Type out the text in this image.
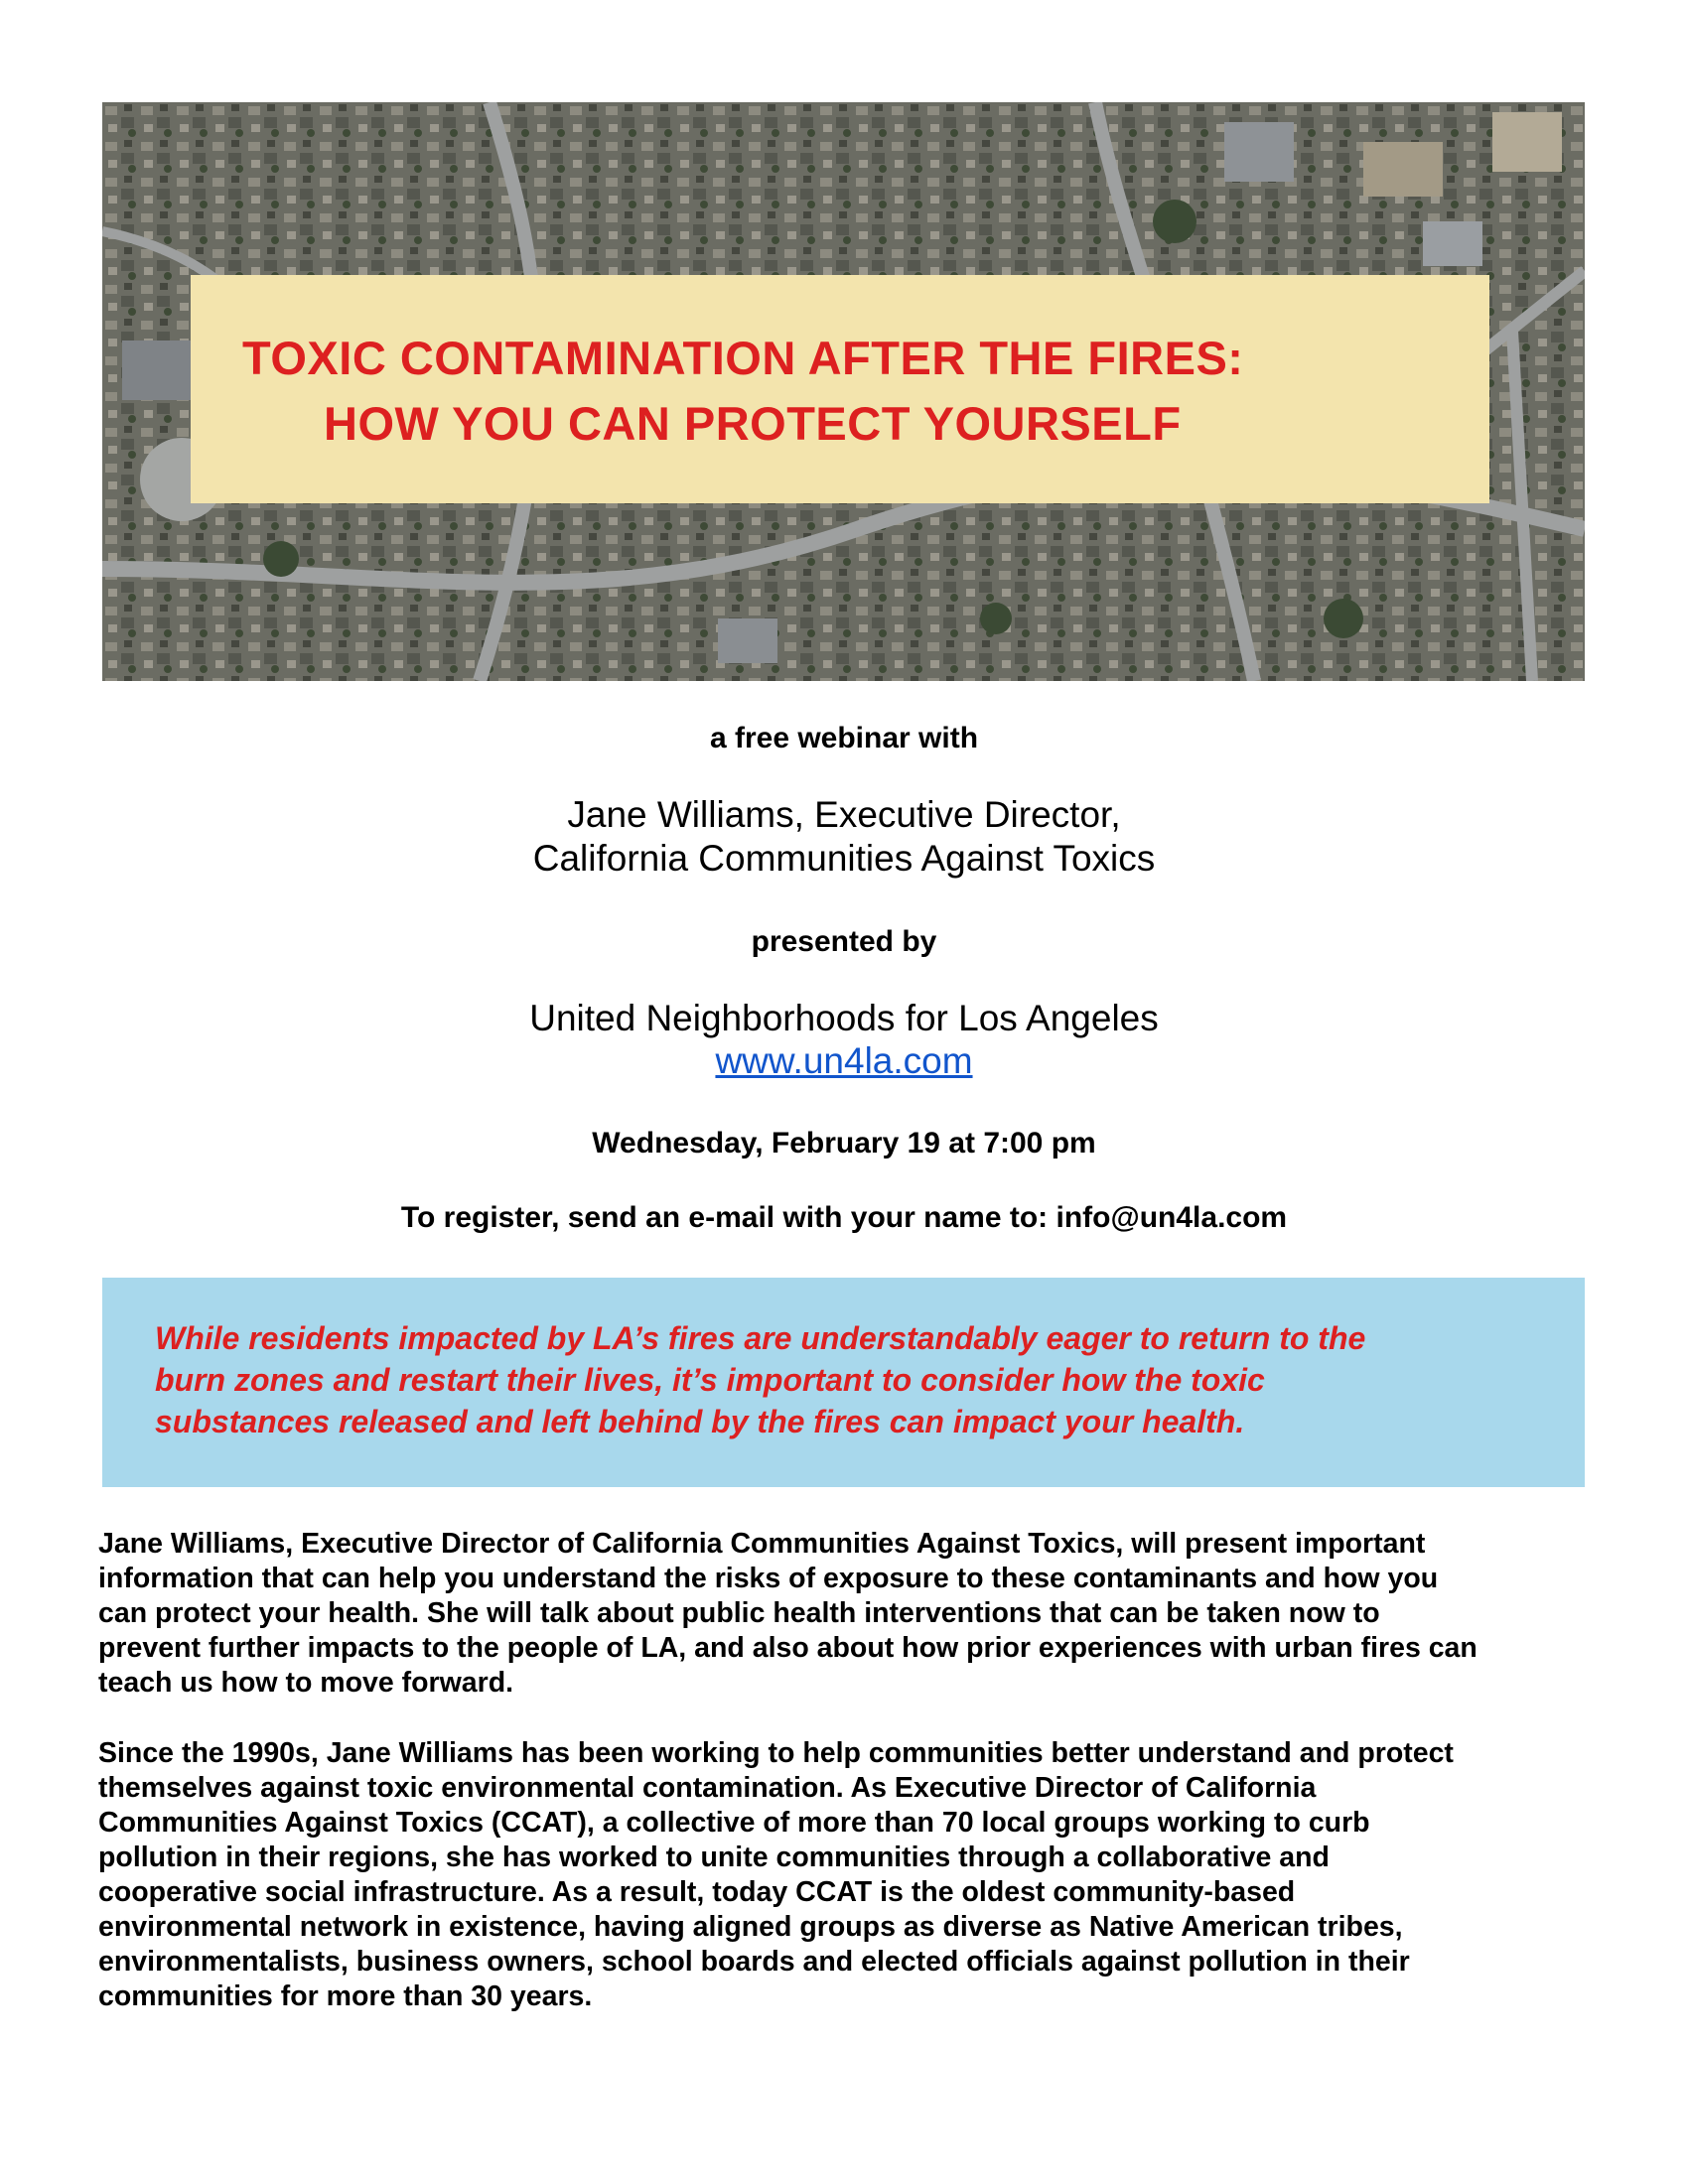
TOXIC CONTAMINATION AFTER THE FIRES:
HOW YOU CAN PROTECT YOURSELF
a free webinar with
Jane Williams, Executive Director,
California Communities Against Toxics
presented by
United Neighborhoods for Los Angeles
www.un4la.com
Wednesday, February 19 at 7:00 pm
To register, send an e-mail with your name to: info@un4la.com
While residents impacted by LA’s fires are understandably eager to return to the
burn zones and restart their lives, it’s important to consider how the toxic
substances released and left behind by the fires can impact your health.
Jane Williams, Executive Director of California Communities Against Toxics, will present important
information that can help you understand the risks of exposure to these contaminants and how you
can protect your health. She will talk about public health interventions that can be taken now to
prevent further impacts to the people of LA, and also about how prior experiences with urban fires can
teach us how to move forward.
Since the 1990s, Jane Williams has been working to help communities better understand and protect
themselves against toxic environmental contamination. As Executive Director of California
Communities Against Toxics (CCAT), a collective of more than 70 local groups working to curb
pollution in their regions, she has worked to unite communities through a collaborative and
cooperative social infrastructure. As a result, today CCAT is the oldest community-based
environmental network in existence, having aligned groups as diverse as Native American tribes,
environmentalists, business owners, school boards and elected officials against pollution in their
communities for more than 30 years.
